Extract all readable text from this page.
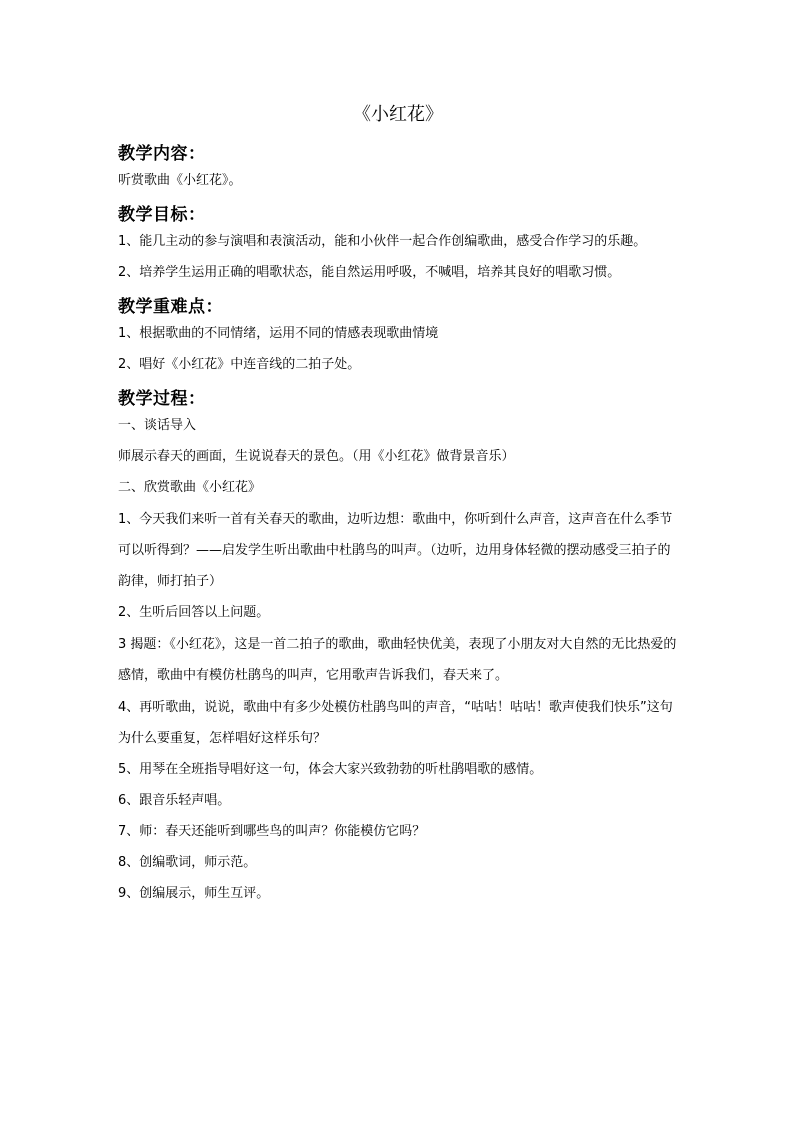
《小红花》
教学内容：

听赏歌曲《小红花》。

教学目标：

1、能几主动的参与演唱和表演活动，能和小伙伴一起合作创编歌曲，感受合作学习的乐趣。

2、培养学生运用正确的唱歌状态，能自然运用呼吸，不喊唱，培养其良好的唱歌习惯。

教学重难点：

1、根据歌曲的不同情绪，运用不同的情感表现歌曲情境

2、唱好《小红花》中连音线的二拍子处。

教学过程：

一、谈话导入

师展示春天的画面，生说说春天的景色。（用《小红花》做背景音乐）

二、欣赏歌曲《小红花》

1、今天我们来听一首有关春天的歌曲，边听边想：歌曲中，你听到什么声音，这声音在什么季节可以听得到？——启发学生听出歌曲中杜鹃鸟的叫声。（边听，边用身体轻微的摆动感受三拍子的韵律，师打拍子）

2、生听后回答以上问题。

3 揭题：《小红花》，这是一首二拍子的歌曲，歌曲轻快优美，表现了小朋友对大自然的无比热爱的感情，歌曲中有模仿杜鹃鸟的叫声，它用歌声告诉我们，春天来了。

4、再听歌曲，说说，歌曲中有多少处模仿杜鹃鸟叫的声音，“咕咕！咕咕！歌声使我们快乐”这句为什么要重复，怎样唱好这样乐句？

5、用琴在全班指导唱好这一句，体会大家兴致勃勃的听杜鹃唱歌的感情。

6、跟音乐轻声唱。

7、师：春天还能听到哪些鸟的叫声？你能模仿它吗？

8、创编歌词，师示范。

9、创编展示，师生互评。
